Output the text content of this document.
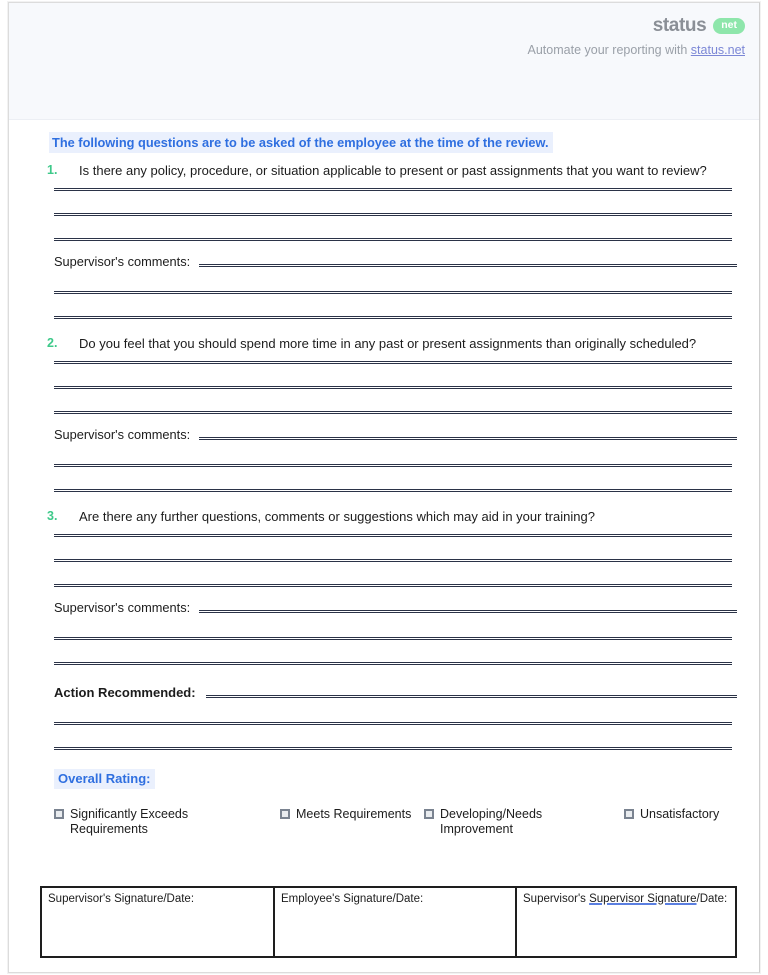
status	net
Automate your reporting with status.net
The following questions are to be asked of the employee at the time of the review.
1.	Is there any policy, procedure, or situation applicable to present or past assignments that you want to review?
Supervisor's comments:
2.	Do you feel that you should spend more time in any past or present assignments than originally scheduled?
Supervisor's comments:
3.	Are there any further questions, comments or suggestions which may aid in your training?
Supervisor's comments:
Action Recommended:
Overall Rating:
Significantly Exceeds Requirements
Meets Requirements Developing/Needs Improvement
Unsatisfactory
Supervisor's Signature/Date:	Employee's Signature/Date:	Supervisor's Supervisor Signature/Date:
